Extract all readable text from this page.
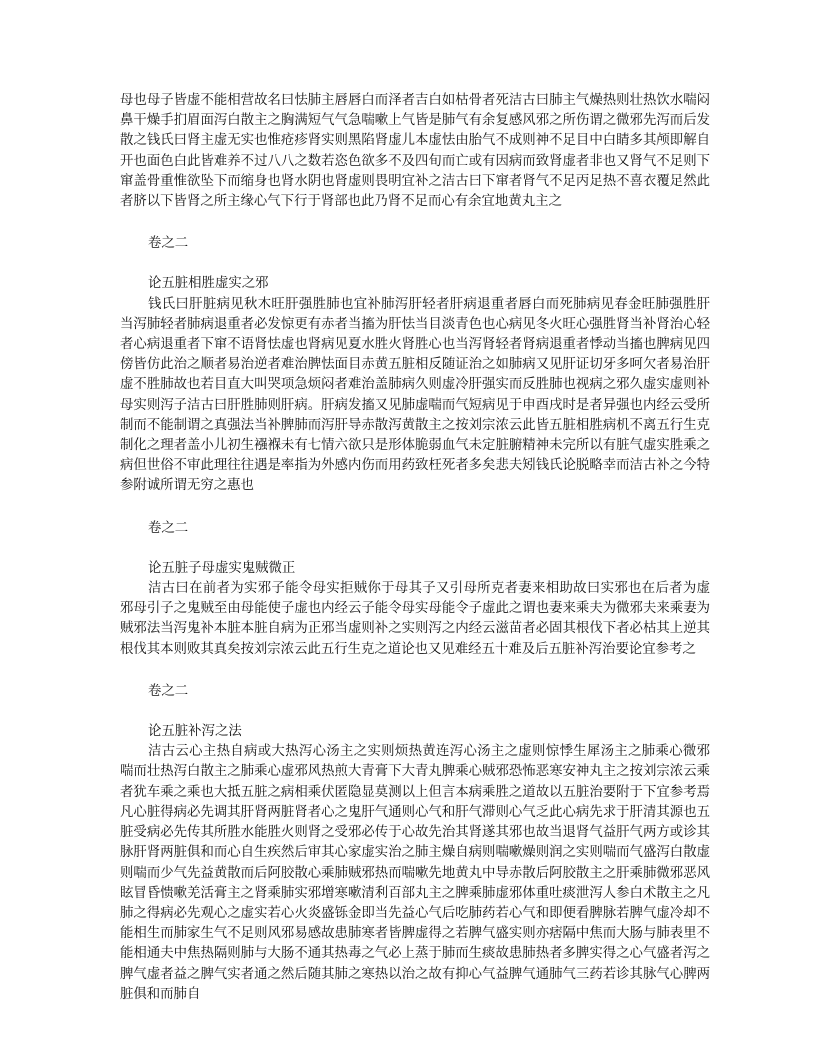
母也母子皆虚不能相营故名曰怯肺主唇唇白而泽者吉白如枯骨者死洁古曰肺主气燥热则壮热饮水喘闷鼻干燥手扪眉面泻白散主之胸满短气气急喘嗽上气皆是肺气有余复感风邪之所伤谓之微邪先泻而后发散之钱氏曰肾主虚无实也惟疮疹肾实则黑陷肾虚儿本虚怯由胎气不成则神不足目中白睛多其颅即解自开也面色白此皆难养不过八八之数若恣色欲多不及四旬而亡或有因病而致肾虚者非也又肾气不足则下窜盖骨重惟欲坠下而缩身也肾水阴也肾虚则畏明宜补之洁古曰下窜者肾气不足丙足热不喜衣覆足然此者脐以下皆肾之所主缘心气下行于肾部也此乃肾不足而心有余宜地黄丸主之

卷之二

论五脏相胜虚实之邪

钱氏曰肝脏病见秋木旺肝强胜肺也宜补肺泻肝轻者肝病退重者唇白而死肺病见春金旺肺强胜肝当泻肺轻者肺病退重者必发惊更有赤者当搐为肝怯当目淡青色也心病见冬火旺心强胜肾当补肾治心轻者心病退重者下窜不语肾怯虚也肾病见夏水胜火肾胜心也当泻肾轻者肾病退重者悸动当搐也脾病见四傍皆仿此治之顺者易治逆者难治脾怯面目赤黄五脏相反随证治之如肺病又见肝证切牙多呵欠者易治肝虚不胜肺故也若目直大叫哭项急烦闷者难治盖肺病久则虚冷肝强实而反胜肺也视病之邪久虚实虚则补母实则泻子洁古曰肝胜肺则肝病。肝病发搐又见肺虚喘而气短病见于申酉戌时是者异强也内经云受所制而不能制谓之真强法当补脾肺而泻肝导赤散泻黄散主之按刘宗浓云此皆五脏相胜病机不离五行生克制化之理者盖小儿初生襁褓未有七情六欲只是形体脆弱血气未定脏腑精神未完所以有脏气虚实胜乘之病但世俗不审此理往往遇是率指为外感内伤而用药致枉死者多矣悲夫矧钱氏论脱略幸而洁古补之今特参附诚所谓无穷之惠也

卷之二

论五脏子母虚实鬼贼微正

洁古曰在前者为实邪子能令母实拒贼你于母其子又引母所克者妻来相助故曰实邪也在后者为虚邪母引子之鬼贼至由母能使子虚也内经云子能令母实母能令子虚此之谓也妻来乘夫为微邪夫来乘妻为贼邪法当泻鬼补本脏本脏自病为正邪当虚则补之实则泻之内经云滋苗者必固其根伐下者必枯其上逆其根伐其本则败其真矣按刘宗浓云此五行生克之道论也又见难经五十难及后五脏补泻治要论宜参考之

卷之二

论五脏补泻之法

洁古云心主热自病或大热泻心汤主之实则烦热黄连泻心汤主之虚则惊悸生犀汤主之肺乘心微邪喘而壮热泻白散主之肺乘心虚邪风热煎大青膏下大青丸脾乘心贼邪恐怖恶寒安神丸主之按刘宗浓云乘者犹车乘之乘也大抵五脏之病相乘伏匿隐显莫测以上但言本病乘胜之道故以五脏治要附于下宜参考焉凡心脏得病必先调其肝肾两脏肾者心之鬼肝气通则心气和肝气滞则心气乏此心病先求于肝清其源也五脏受病必先传其所胜水能胜火则肾之受邪必传于心故先治其肾遂其邪也故当退肾气益肝气两方或诊其脉肝肾两脏俱和而心自生疾然后审其心家虚实治之肺主燥自病则喘嗽燥则润之实则喘而气盛泻白散虚则喘而少气先益黄散而后阿胶散心乘肺贼邪热而喘嗽先地黄丸中导赤散后阿胶散主之肝乘肺微邪恶风眩冒昏愦嗽羌活膏主之肾乘肺实邪增寒嗽清利百部丸主之脾乘肺虚邪体重吐痰泄泻人参白术散主之凡肺之得病必先观心之虚实若心火炎盛铄金即当先益心气后吃肺药若心气和即便看脾脉若脾气虚冷却不能相生而肺家生气不足则风邪易感故患肺寒者皆脾虚得之若脾气盛实则亦痞隔中焦而大肠与肺表里不能相通夫中焦热隔则肺与大肠不通其热毒之气必上蒸于肺而生痰故患肺热者多脾实得之心气盛者泻之脾气虚者益之脾气实者通之然后随其肺之寒热以治之故有抑心气益脾气通肺气三药若诊其脉气心脾两脏俱和而肺自
